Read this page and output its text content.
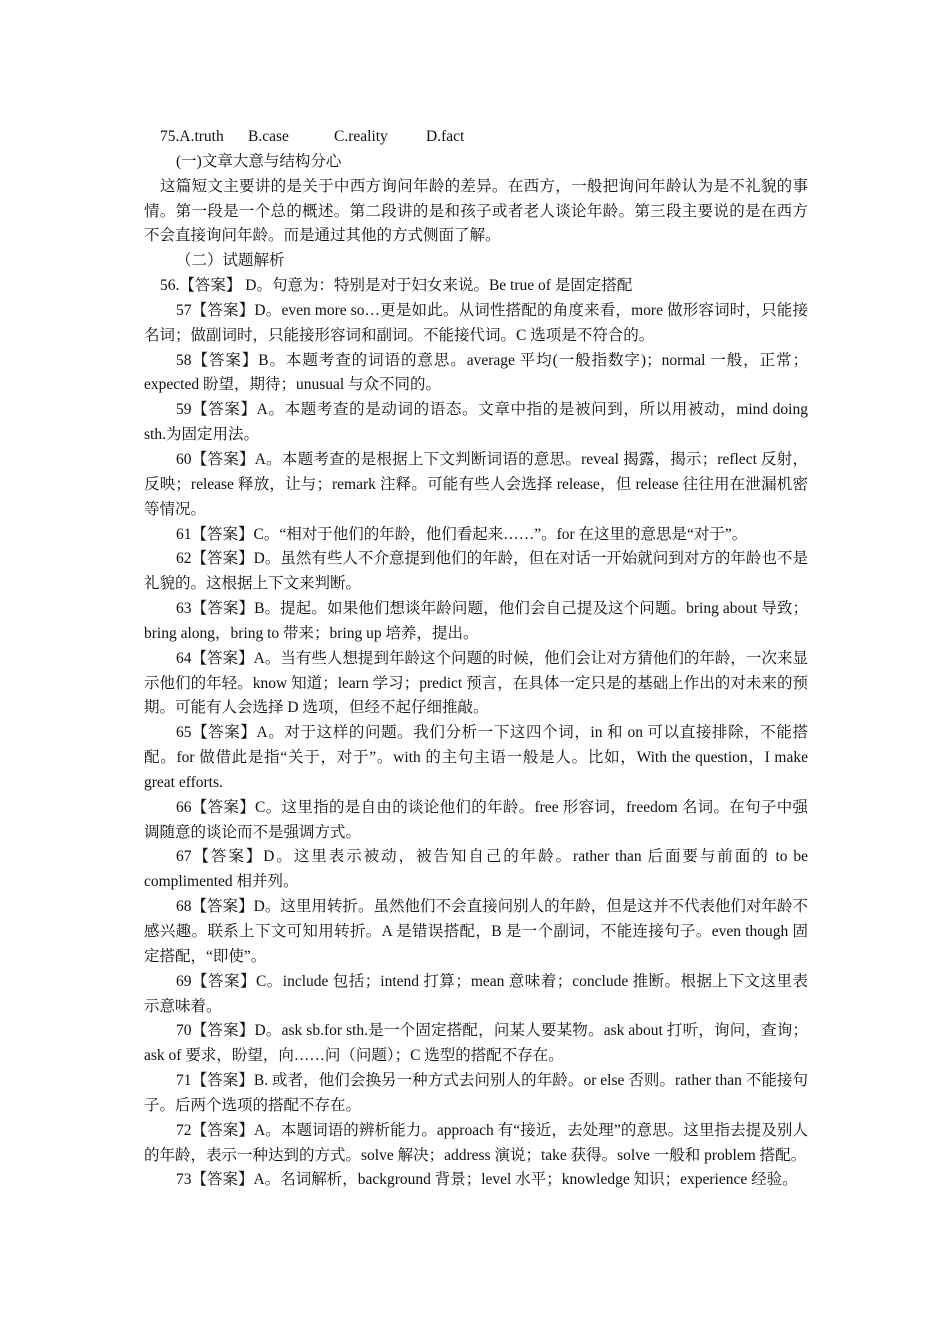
75.A.truth	B.case	C.reality	D.fact
(一)文章大意与结构分心
这篇短文主要讲的是关于中西方询问年龄的差异。在西方，一般把询问年龄认为是不礼貌的事情。第一段是一个总的概述。第二段讲的是和孩子或者老人谈论年龄。第三段主要说的是在西方不会直接询问年龄。而是通过其他的方式侧面了解。
（二）试题解析
56.【答案】 D。句意为：特别是对于妇女来说。Be true of 是固定搭配
57【答案】D。even more so…更是如此。从词性搭配的角度来看，more 做形容词时，只能接名词；做副词时，只能接形容词和副词。不能接代词。C 选项是不符合的。
58【答案】B。本题考查的词语的意思。average 平均(一般指数字)；normal 一般，正常；expected 盼望，期待；unusual 与众不同的。
59【答案】A。本题考查的是动词的语态。文章中指的是被问到，所以用被动，mind doing sth.为固定用法。
60【答案】A。本题考查的是根据上下文判断词语的意思。reveal 揭露，揭示；reflect 反射，反映；release 释放，让与；remark 注释。可能有些人会选择 release，但 release 往往用在泄漏机密等情况。
61【答案】C。“相对于他们的年龄，他们看起来……”。for 在这里的意思是“对于”。
62【答案】D。虽然有些人不介意提到他们的年龄，但在对话一开始就问到对方的年龄也不是礼貌的。这根据上下文来判断。
63【答案】B。提起。如果他们想谈年龄问题，他们会自己提及这个问题。bring about 导致；bring along，bring to 带来；bring up 培养，提出。
64【答案】A。当有些人想提到年龄这个问题的时候，他们会让对方猜他们的年龄，一次来显示他们的年轻。know 知道；learn 学习；predict 预言，在具体一定只是的基础上作出的对未来的预期。可能有人会选择 D 选项，但经不起仔细推敲。
65【答案】A。对于这样的问题。我们分析一下这四个词，in 和 on 可以直接排除，不能搭配。for 做借此是指“关于，对于”。with 的主句主语一般是人。比如，With the question，I make great efforts.
66【答案】C。这里指的是自由的谈论他们的年龄。free 形容词，freedom 名词。在句子中强调随意的谈论而不是强调方式。
67【答案】D。这里表示被动，被告知自己的年龄。rather than 后面要与前面的 to be complimented 相并列。
68【答案】D。这里用转折。虽然他们不会直接问别人的年龄，但是这并不代表他们对年龄不感兴趣。联系上下文可知用转折。A 是错误搭配，B 是一个副词，不能连接句子。even though 固定搭配，“即使”。
69【答案】C。include 包括；intend 打算；mean 意味着；conclude 推断。根据上下文这里表示意味着。
70【答案】D。ask sb.for sth.是一个固定搭配，问某人要某物。ask about 打听，询问，查询；ask of 要求，盼望，向……问（问题）；C 选型的搭配不存在。
71【答案】B. 或者，他们会换另一种方式去问别人的年龄。or else 否则。rather than 不能接句子。后两个选项的搭配不存在。
72【答案】A。本题词语的辨析能力。approach 有“接近，去处理”的意思。这里指去提及别人的年龄，表示一种达到的方式。solve 解决；address 演说；take 获得。solve 一般和 problem 搭配。
73【答案】A。名词解析，background 背景；level 水平；knowledge 知识；experience 经验。
